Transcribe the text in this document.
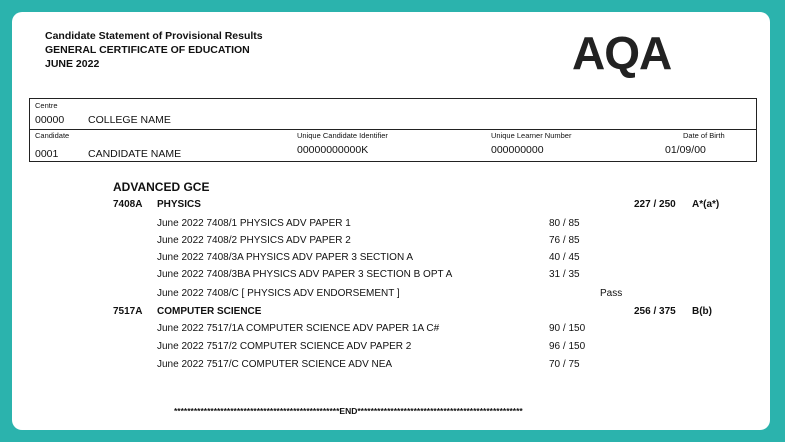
Candidate Statement of Provisional Results
GENERAL CERTIFICATE OF EDUCATION
JUNE 2022	AQA
Centre
00000 COLLEGE NAME
Candidate
0001	CANDIDATE NAME
Unique Candidate Identifier
00000000000K
Unique Learner Number
000000000
Date of Birth
01/09/00
ADVANCED GCE
7408A PHYSICS	227 / 250 A*(a*)
June 2022 7408/1 PHYSICS ADV PAPER 1	80 / 85
June 2022 7408/2 PHYSICS ADV PAPER 2	76 / 85
June 2022 7408/3A PHYSICS ADV PAPER 3 SECTION A	40 / 45
June 2022 7408/3BA PHYSICS ADV PAPER 3 SECTION B OPT A	31 / 35
June 2022 7408/C [ PHYSICS ADV ENDORSEMENT ]	Pass
7517A COMPUTER SCIENCE	256 / 375 B(b)
June 2022 7517/1A COMPUTER SCIENCE ADV PAPER 1A C#	90 / 150
June 2022 7517/2 COMPUTER SCIENCE ADV PAPER 2	96 / 150
June 2022 7517/C COMPUTER SCIENCE ADV NEA	70 / 75
**************************************************END**************************************************
